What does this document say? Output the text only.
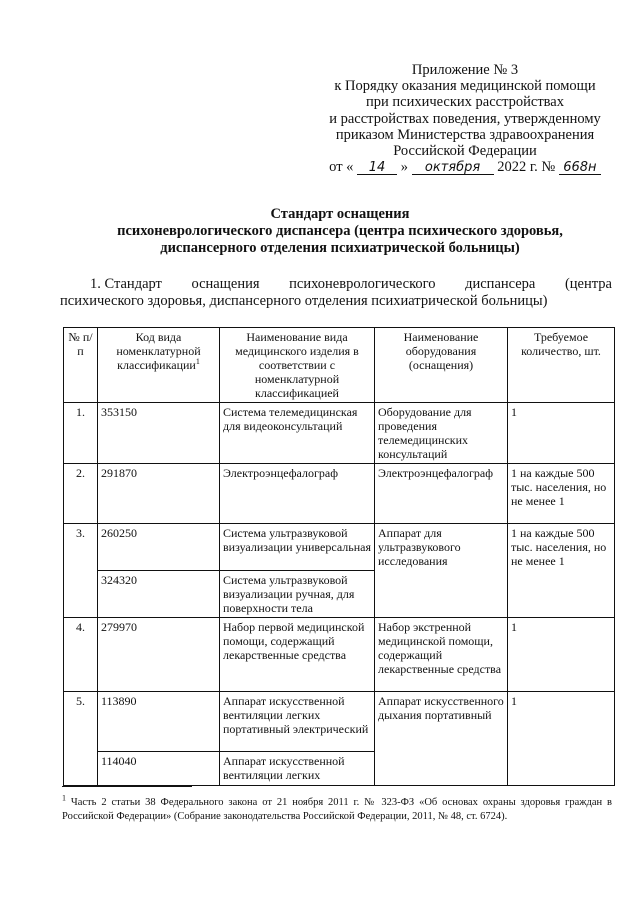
Приложение № 3
к Порядку оказания медицинской помощи
при психических расстройствах
и расстройствах поведения, утвержденному
приказом Министерства здравоохранения
Российской Федерации
от « 14 » октября 2022 г. № 668н
Стандарт оснащения
психоневрологического диспансера (центра психического здоровья,
диспансерного отделения психиатрической больницы)
1. Стандарт оснащения психоневрологического диспансера (центра
психического здоровья, диспансерного отделения психиатрической больницы)
№ п/п	Код вида номенклатурной классификации$^1$	Наименование вида медицинского изделия в соответствии с номенклатурной классификацией	Наименование оборудования (оснащения)	Требуемое количество, шт.
1.	353150	Система телемедицинская для видеоконсультаций	Оборудование для проведения телемедицинских консультаций	1
2.	291870	Электроэнцефалограф	Электроэнцефалограф	1 на каждые 500 тыс. населения, но не менее 1
3.	260250	Система ультразвуковой визуализации универсальная	Аппарат для ультразвукового исследования	1 на каждые 500 тыс. населения, но не менее 1
	324320	Система ультразвуковой визуализации ручная, для поверхности тела		
4.	279970	Набор первой медицинской помощи, содержащий лекарственные средства	Набор экстренной медицинской помощи, содержащий лекарственные средства	1
5.	113890	Аппарат искусственной вентиляции легких портативный электрический	Аппарат искусственного дыхания портативный	1
	114040	Аппарат искусственной вентиляции легких		
$^1$ Часть 2 статьи 38 Федерального закона от 21 ноября 2011 г. № 323-ФЗ «Об основах охраны здоровья граждан в Российской Федерации» (Собрание законодательства Российской Федерации, 2011, № 48, ст. 6724).
